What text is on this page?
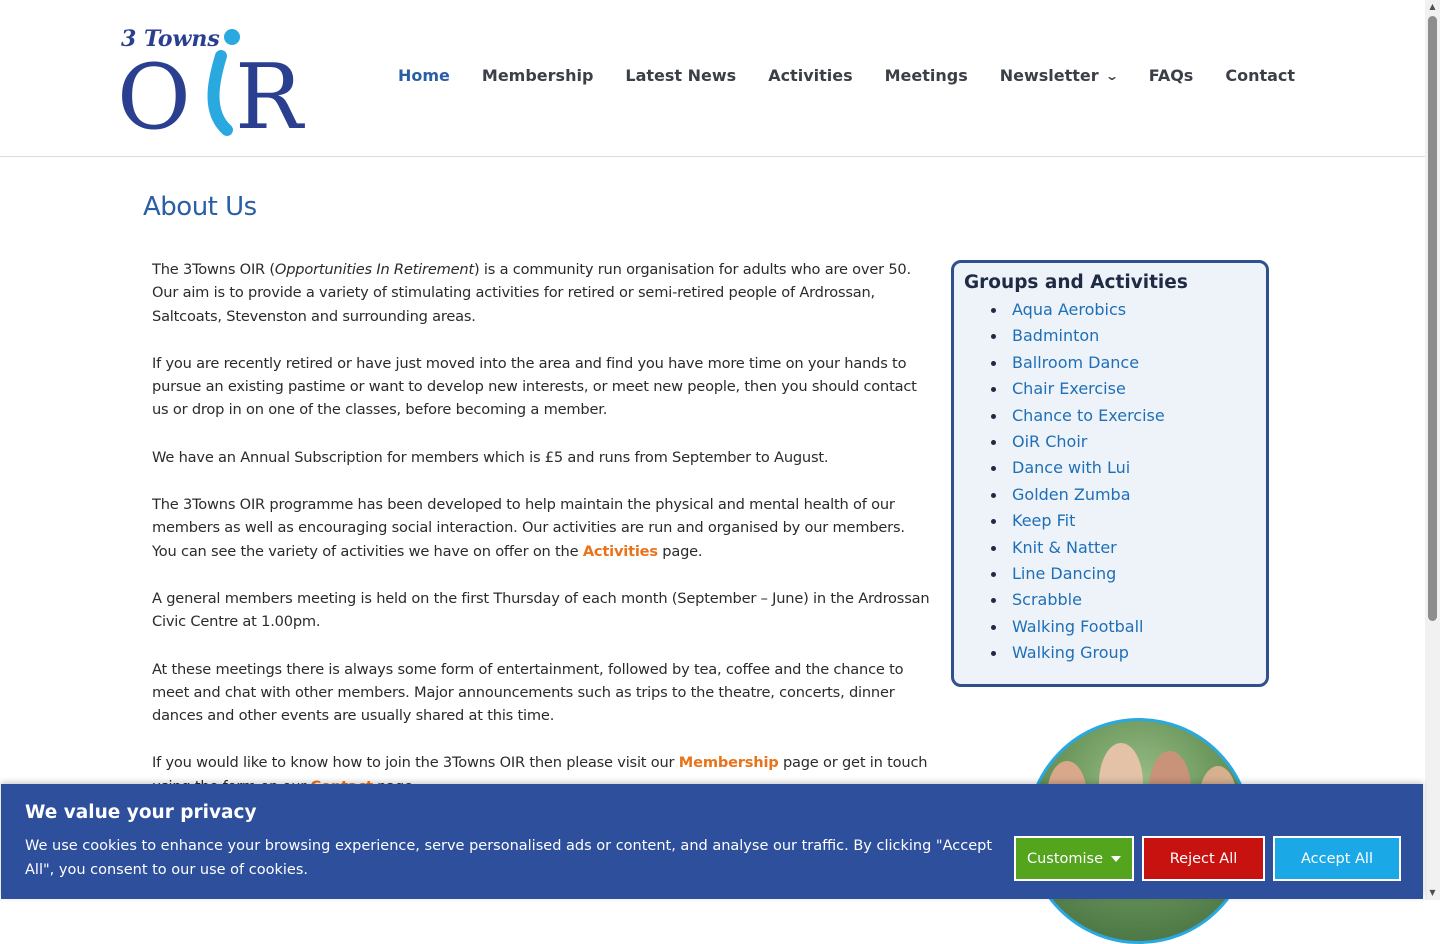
3 Towns
O R	Home Membership Latest News Activities Meetings Newsletter ⌄ FAQs Contact
▲
▼
About Us

The 3Towns OIR (Opportunities In Retirement) is a community run organisation for adults who are over 50. Our aim is to provide a variety of stimulating activities for retired or semi-retired people of Ardrossan, Saltcoats, Stevenston and surrounding areas.

If you are recently retired or have just moved into the area and find you have more time on your hands to pursue an existing pastime or want to develop new interests, or meet new people, then you should contact us or drop in on one of the classes, before becoming a member.

We have an Annual Subscription for members which is £5 and runs from September to August.

The 3Towns OIR programme has been developed to help maintain the physical and mental health of our members as well as encouraging social interaction. Our activities are run and organised by our members. You can see the variety of activities we have on offer on the Activities page.

A general members meeting is held on the first Thursday of each month (September – June) in the Ardrossan Civic Centre at 1.00pm.

At these meetings there is always some form of entertainment, followed by tea, coffee and the chance to meet and chat with other members. Major announcements such as trips to the theatre, concerts, dinner dances and other events are usually shared at this time.

If you would like to know how to join the 3Towns OIR then please visit our Membership page or get in touch

Groups and Activities
Aqua Aerobics
Badminton
Ballroom Dance
Chair Exercise
Chance to Exercise
OiR Choir
Dance with Lui
Golden Zumba
Keep Fit
Knit & Natter
Line Dancing
Scrabble
Walking Football
Walking Group
We value your privacy

We use cookies to enhance your browsing experience, serve personalised ads or content, and analyse our traffic. By clicking "Accept All", you consent to our use of cookies.

Customise	Reject All	Accept All
